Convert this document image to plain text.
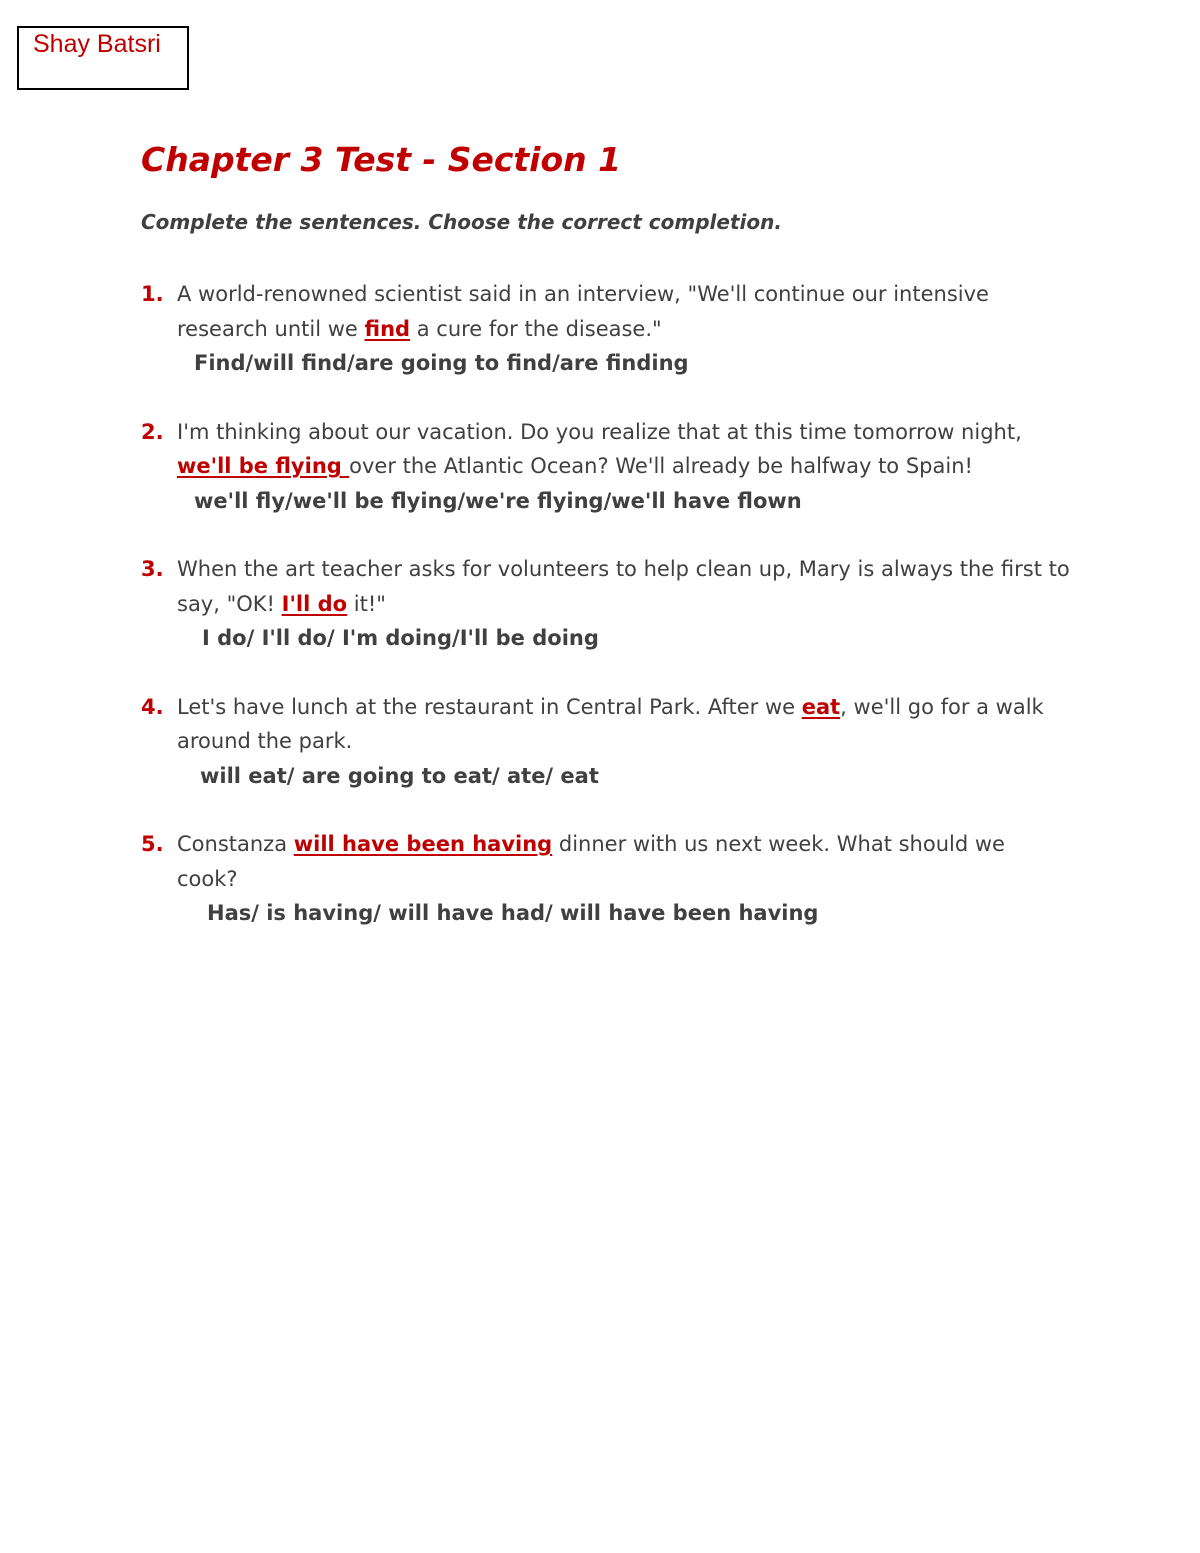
Shay Batsri
Chapter 3 Test - Section 1

Complete the sentences. Choose the correct completion.

1. A world-renowned scientist said in an interview, "We'll continue our intensive research until we find a cure for the disease."

Find/will find/are going to find/are finding
2. I'm thinking about our vacation. Do you realize that at this time tomorrow night, we'll be flying over the Atlantic Ocean? We'll already be halfway to Spain!

we'll fly/we'll be flying/we're flying/we'll have flown
3. When the art teacher asks for volunteers to help clean up, Mary is always the first to say, "OK! I'll do it!"

I do/ I'll do/ I'm doing/I'll be doing
4. Let's have lunch at the restaurant in Central Park. After we eat, we'll go for a walk around the park.

will eat/ are going to eat/ ate/ eat
5. Constanza will have been having dinner with us next week. What should we cook?

Has/ is having/ will have had/ will have been having
